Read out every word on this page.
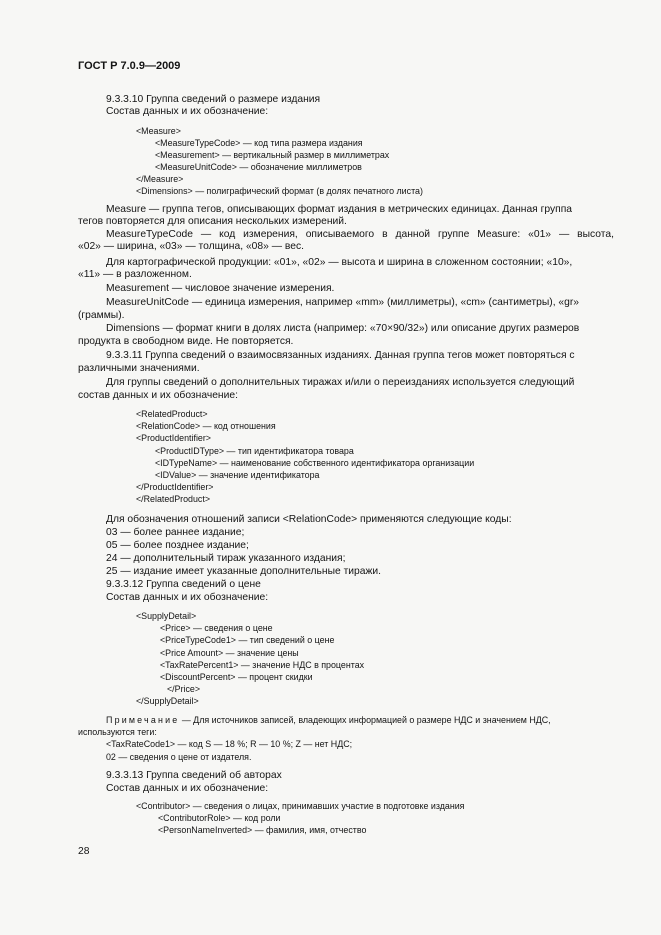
ГОСТ Р 7.0.9—2009
9.3.3.10 Группа сведений о размере издания
Состав данных и их обозначение:
<Measure>
<MeasureTypeCode> — код типа размера издания
<Measurement> — вертикальный размер в миллиметрах
<MeasureUnitCode> — обозначение миллиметров
</Measure>
<Dimensions> — полиграфический формат (в долях печатного листа)
Measure — группа тегов, описывающих формат издания в метрических единицах. Данная группа
тегов повторяется для описания нескольких измерений.
MeasureTypeCode — код измерения, описываемого в данной группе Measure: «01» — высота,
«02» — ширина, «03» — толщина, «08» — вес.
Для картографической продукции: «01», «02» — высота и ширина в сложенном состоянии; «10»,
«11» — в разложенном.
Measurement — числовое значение измерения.
MeasureUnitCode — единица измерения, например «mm» (миллиметры), «cm» (сантиметры), «gr»
(граммы).
Dimensions — формат книги в долях листа (например: «70×90/32») или описание других размеров
продукта в свободном виде. Не повторяется.
9.3.3.11 Группа сведений о взаимосвязанных изданиях. Данная группа тегов может повторяться с
различными значениями.
Для группы сведений о дополнительных тиражах и/или о переизданиях используется следующий
состав данных и их обозначение:
<RelatedProduct>
<RelationCode> — код отношения
<ProductIdentifier>
<ProductIDType> — тип идентификатора товара
<IDTypeName> — наименование собственного идентификатора организации
<IDValue> — значение идентификатора
</ProductIdentifier>
</RelatedProduct>
Для обозначения отношений записи <RelationCode> применяются следующие коды:
03 — более раннее издание;
05 — более позднее издание;
24 — дополнительный тираж указанного издания;
25 — издание имеет указанные дополнительные тиражи.
9.3.3.12 Группа сведений о цене
Состав данных и их обозначение:
<SupplyDetail>
<Price> — сведения о цене
<PriceTypeCode1> — тип сведений о цене
<Price Amount> — значение цены
<TaxRatePercent1> — значение НДС в процентах
<DiscountPercent> — процент скидки
</Price>
</SupplyDetail>
Примечание — Для источников записей, владеющих информацией о размере НДС и значением НДС,
используются теги:
<TaxRateCode1> — код S — 18 %; R — 10 %; Z — нет НДС;
02 — сведения о цене от издателя.
9.3.3.13 Группа сведений об авторах
Состав данных и их обозначение:
<Contributor> — сведения о лицах, принимавших участие в подготовке издания
<ContributorRole> — код роли
<PersonNameInverted> — фамилия, имя, отчество
28
